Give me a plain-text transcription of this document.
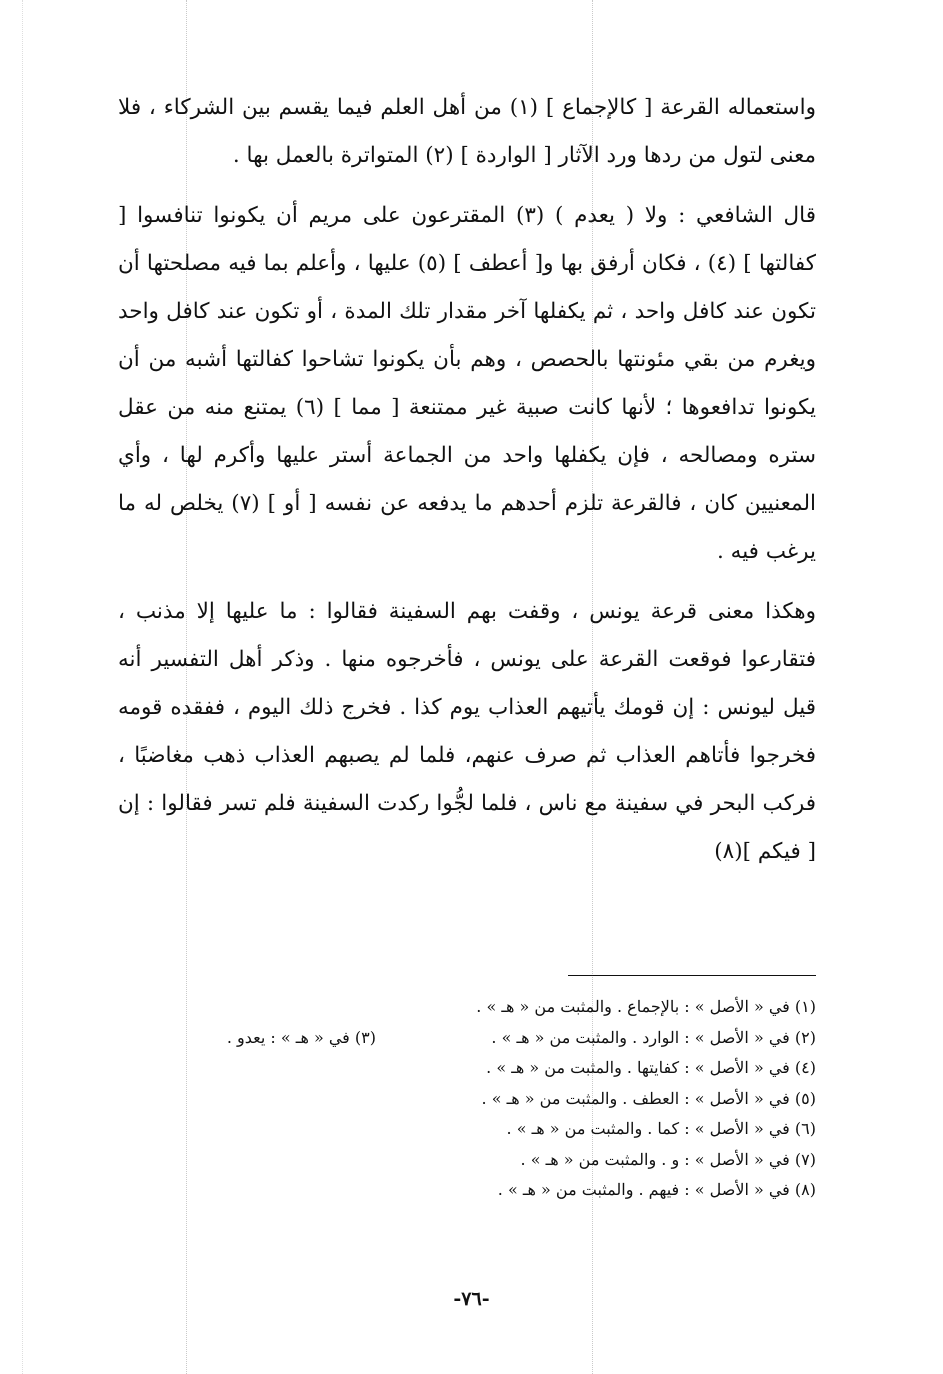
واستعماله القرعة [ كالإجماع ] (١) من أهل العلم فيما يقسم بين الشركاء ، فلا معنى لتول من ردها ورد الآثار [ الواردة ] (٢) المتواترة بالعمل بها .

قال الشافعي : ولا ( يعدم ) (٣) المقترعون على مريم أن يكونوا تنافسوا [ كفالتها ] (٤) ، فكان أرفق بها و[ أعطف ] (٥) عليها ، وأعلم بما فيه مصلحتها أن تكون عند كافل واحد ، ثم يكفلها آخر مقدار تلك المدة ، أو تكون عند كافل واحد ويغرم من بقي مئونتها بالحصص ، وهم بأن يكونوا تشاحوا كفالتها أشبه من أن يكونوا تدافعوها ؛ لأنها كانت صبية غير ممتنعة [ مما ] (٦) يمتنع منه من عقل ستره ومصالحه ، فإن يكفلها واحد من الجماعة أستر عليها وأكرم لها ، وأي المعنيين كان ، فالقرعة تلزم أحدهم ما يدفعه عن نفسه [ أو ] (٧) يخلص له ما يرغب فيه .

وهكذا معنى قرعة يونس ، وقفت بهم السفينة فقالوا : ما عليها إلا مذنب ، فتقارعوا فوقعت القرعة على يونس ، فأخرجوه منها . وذكر أهل التفسير أنه قيل ليونس : إن قومك يأتيهم العذاب يوم كذا . فخرج ذلك اليوم ، ففقده قومه فخرجوا فأتاهم العذاب ثم صرف عنهم، فلما لم يصبهم العذاب ذهب مغاضبًا ، فركب البحر في سفينة مع ناس ، فلما لجُّوا ركدت السفينة فلم تسر فقالوا : إن [ فيكم ](٨)

(١) في « الأصل » : بالإجماع . والمثبت من « هـ » .
(٢) في « الأصل » : الوارد . والمثبت من « هـ » .
(٣) في « هـ » : يعدو .
(٤) في « الأصل » : كفايتها . والمثبت من « هـ » .
(٥) في « الأصل » : العطف . والمثبت من « هـ » .
(٦) في « الأصل » : كما . والمثبت من « هـ » .
(٧) في « الأصل » : و . والمثبت من « هـ » .
(٨) في « الأصل » : فيهم . والمثبت من « هـ » .
-٧٦-
